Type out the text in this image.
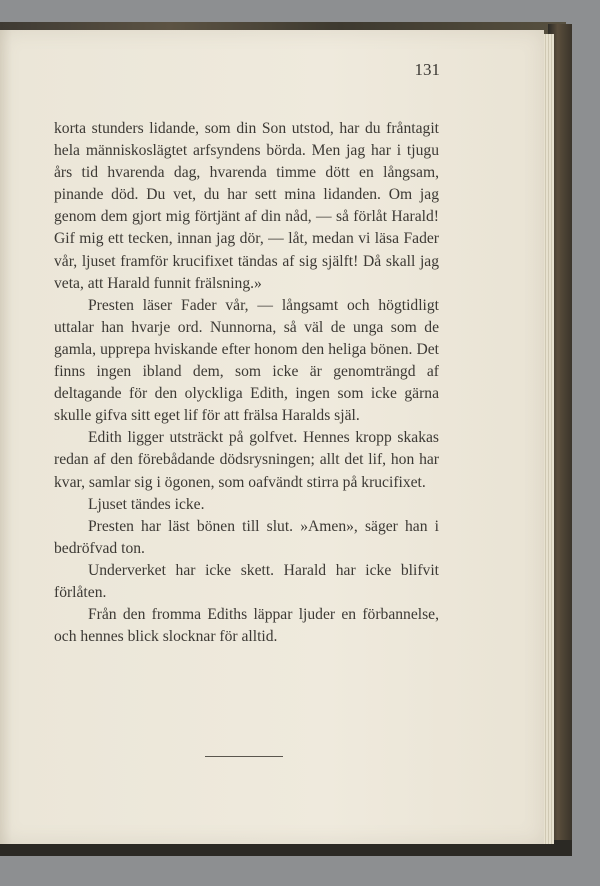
131

korta stunders lidande, som din Son utstod, har du fråntagit hela människoslägtet arfsyndens börda. Men jag har i tjugu års tid hvarenda dag, hvarenda timme dött en långsam, pinande död. Du vet, du har sett mina lidanden. Om jag genom dem gjort mig förtjänt af din nåd, — så förlåt Harald! Gif mig ett tecken, innan jag dör, — låt, medan vi läsa Fader vår, ljuset framför krucifixet tändas af sig själft! Då skall jag veta, att Harald funnit frälsning.»

Presten läser Fader vår, — långsamt och högtidligt uttalar han hvarje ord. Nunnorna, så väl de unga som de gamla, upprepa hviskande efter honom den heliga bönen. Det finns ingen ibland dem, som icke är genomträngd af deltagande för den olyckliga Edith, ingen som icke gärna skulle gifva sitt eget lif för att frälsa Haralds själ.

Edith ligger utsträckt på golfvet. Hennes kropp skakas redan af den förebådande dödsrysningen; allt det lif, hon har kvar, samlar sig i ögonen, som oafvändt stirra på krucifixet.

Ljuset tändes icke.

Presten har läst bönen till slut. »Amen», säger han i bedröfvad ton.

Underverket har icke skett. Harald har icke blifvit förlåten.

Från den fromma Ediths läppar ljuder en förbannelse, och hennes blick slocknar för alltid.
